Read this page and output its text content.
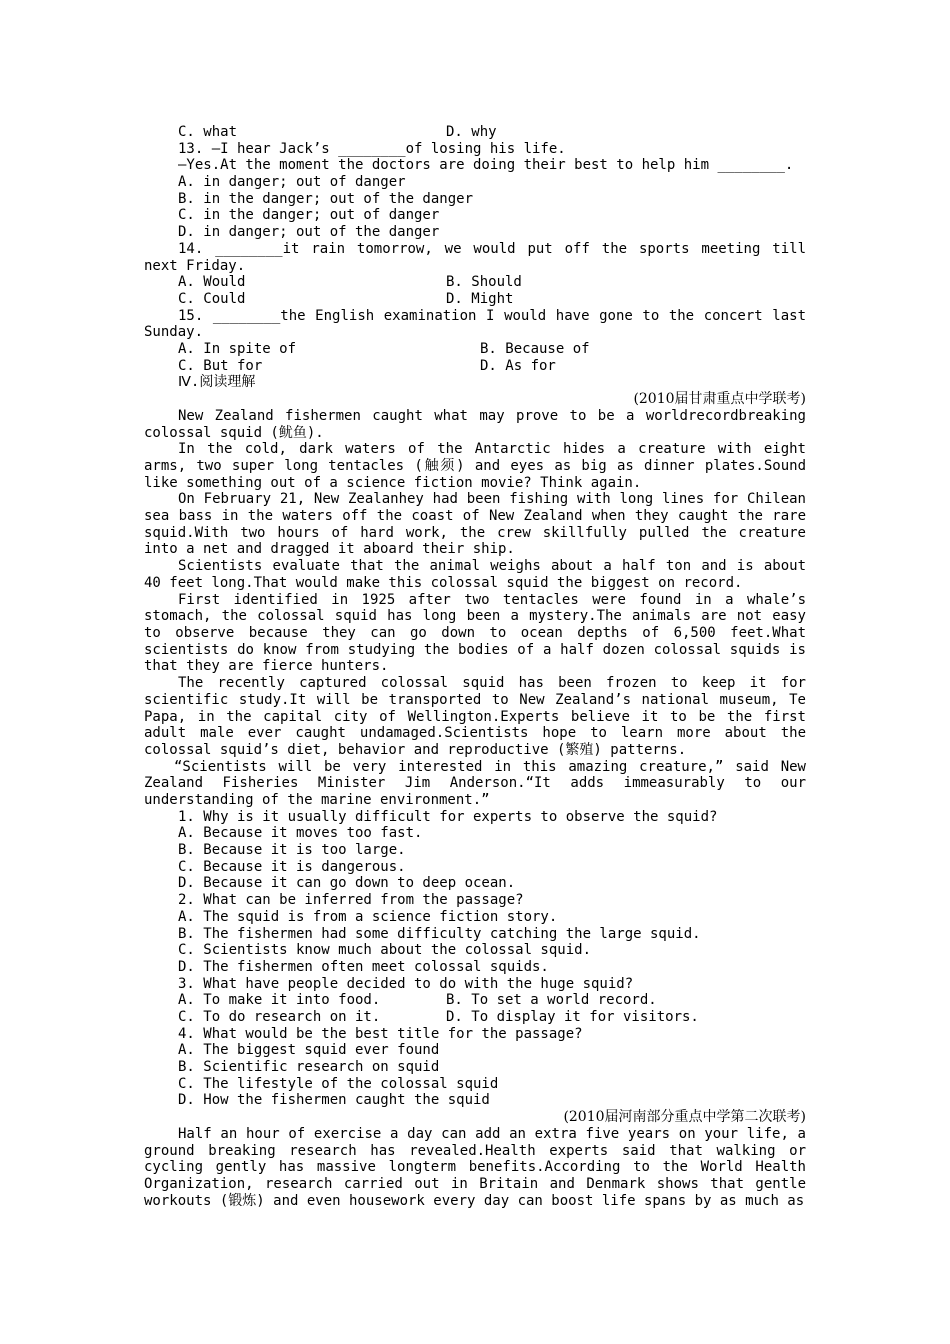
C. what	D. why
13. —I hear Jack’s ________of losing his life.
—Yes.At the moment the doctors are doing their best to help him ________.
A. in danger; out of danger
B. in the danger; out of the danger
C. in the danger; out of danger
D. in danger; out of the danger
14. ________it rain tomorrow, we would put off the sports meeting till next Friday.
A. Would	B. Should
C. Could	D. Might
15. ________the English examination I would have gone to the concert last Sunday.
A. In spite of	B. Because of
C. But for	D. As for
Ⅳ.阅读理解
(2010届甘肃重点中学联考)
New Zealand fishermen caught what may prove to be a worldrecordbreaking colossal squid (鱿鱼).
In the cold, dark waters of the Antarctic hides a creature with eight arms, two super long tentacles (触须) and eyes as big as dinner plates.Sound like something out of a science fiction movie? Think again.
On February 21, New Zealanhey had been fishing with long lines for Chilean sea bass in the waters off the coast of New Zealand when they caught the rare squid.With two hours of hard work, the crew skillfully pulled the creature into a net and dragged it aboard their ship.
Scientists evaluate that the animal weighs about a half ton and is about 40 feet long.That would make this colossal squid the biggest on record.
First identified in 1925 after two tentacles were found in a whale’s stomach, the colossal squid has long been a mystery.The animals are not easy to observe because they can go down to ocean depths of 6,500 feet.What scientists do know from studying the bodies of a half dozen colossal squids is that they are fierce hunters.
The recently captured colossal squid has been frozen to keep it for scientific study.It will be transported to New Zealand’s national museum, Te Papa, in the capital city of Wellington.Experts believe it to be the first adult male ever caught undamaged.Scientists hope to learn more about the colossal squid’s diet, behavior and reproductive (繁殖) patterns.
“Scientists will be very interested in this amazing creature,” said New Zealand Fisheries Minister Jim Anderson.“It adds immeasurably to our understanding of the marine environment.”
1. Why is it usually difficult for experts to observe the squid?
A. Because it moves too fast.
B. Because it is too large.
C. Because it is dangerous.
D. Because it can go down to deep ocean.
2. What can be inferred from the passage?
A. The squid is from a science fiction story.
B. The fishermen had some difficulty catching the large squid.
C. Scientists know much about the colossal squid.
D. The fishermen often meet colossal squids.
3. What have people decided to do with the huge squid?
A. To make it into food.	B. To set a world record.
C. To do research on it.	D. To display it for visitors.
4. What would be the best title for the passage?
A. The biggest squid ever found
B. Scientific research on squid
C. The lifestyle of the colossal squid
D. How the fishermen caught the squid
(2010届河南部分重点中学第二次联考)
Half an hour of exercise a day can add an extra five years on your life, a ground breaking research has revealed.Health experts said that walking or cycling gently has massive longterm benefits.According to the World Health Organization, research carried out in Britain and Denmark shows that gentle workouts (锻炼) and even housework every day can boost life spans by as much as
